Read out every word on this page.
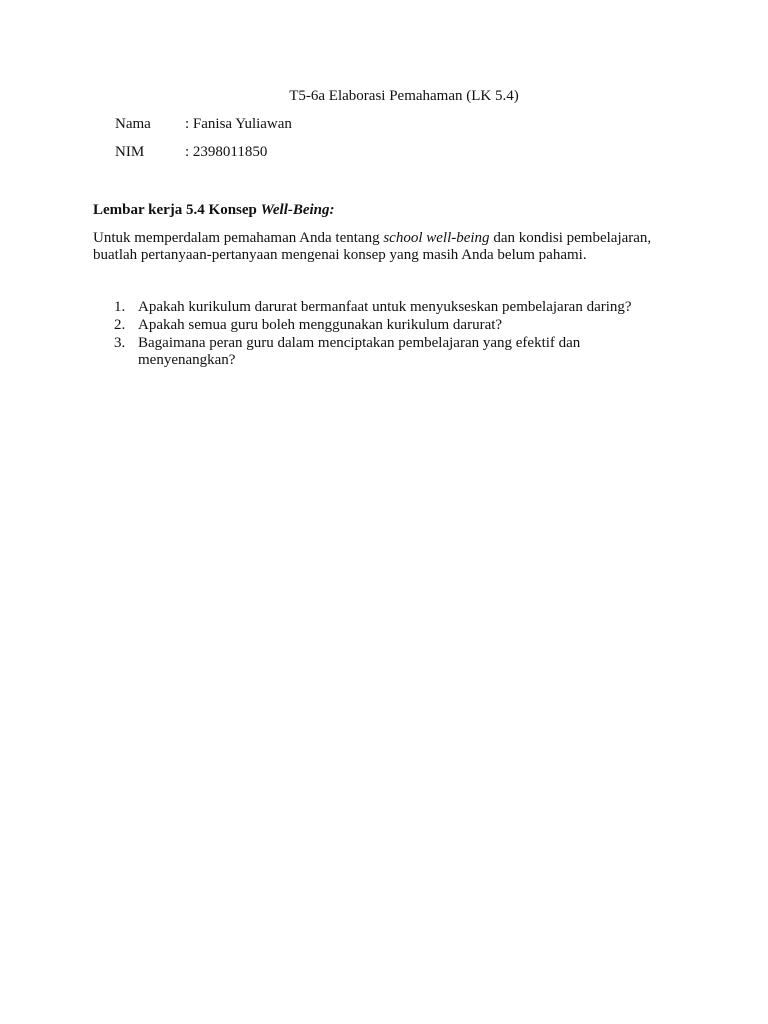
T5-6a Elaborasi Pemahaman (LK 5.4)
Nama : Fanisa Yuliawan
NIM	: 2398011850
Lembar kerja 5.4 Konsep Well-Being:
Untuk memperdalam pemahaman Anda tentang school well-being dan kondisi pembelajaran, buatlah pertanyaan-pertanyaan mengenai konsep yang masih Anda belum pahami.
1. Apakah kurikulum darurat bermanfaat untuk menyukseskan pembelajaran daring?
2. Apakah semua guru boleh menggunakan kurikulum darurat?
3. Bagaimana peran guru dalam menciptakan pembelajaran yang efektif dan menyenangkan?
